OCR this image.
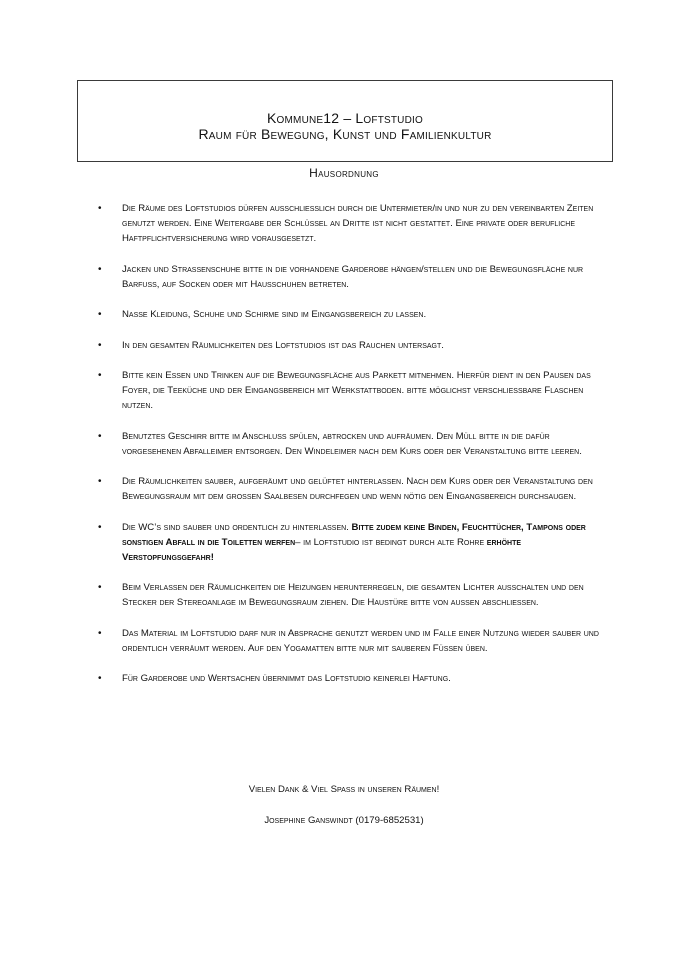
Kommune12 – Loftstudio
Raum für Bewegung, Kunst und Familienkultur
Hausordnung
• Die Räume des Loftstudios dürfen ausschliesslich durch die Untermieter/in und nur zu den vereinbarten Zeiten genutzt werden. Eine Weitergabe der Schlüssel an Dritte ist nicht gestattet. Eine private oder berufliche Haftpflichtversicherung wird vorausgesetzt.
• Jacken und Strassenschuhe bitte in die vorhandene Garderobe hängen/stellen und die Bewegungsfläche nur Barfuss, auf Socken oder mit Hausschuhen betreten.
• Nasse Kleidung, Schuhe und Schirme sind im Eingangsbereich zu lassen.
• In den gesamten Räumlichkeiten des Loftstudios ist das Rauchen untersagt.
• Bitte kein Essen und Trinken auf die Bewegungsfläche aus Parkett mitnehmen. Hierfür dient in den Pausen das Foyer, die Teeküche und der Eingangsbereich mit Werkstattboden. bitte möglichst verschliessbare Flaschen nutzen.
• Benutztes Geschirr bitte im Anschluss spülen, abtrocken und aufräumen. Den Müll bitte in die dafür vorgesehenen Abfalleimer entsorgen. Den Windeleimer nach dem Kurs oder der Veranstaltung bitte leeren.
• Die Räumlichkeiten sauber, aufgeräumt und gelüftet hinterlassen. Nach dem Kurs oder der Veranstaltung den Bewegungsraum mit dem grossen Saalbesen durchfegen und wenn nötig den Eingangsbereich durchsaugen.
• Die WC’s sind sauber und ordentlich zu hinterlassen. Bitte zudem keine Binden, Feuchttücher, Tampons oder sonstigen Abfall in die Toiletten werfen– im Loftstudio ist bedingt durch alte Rohre erhöhte Verstopfungsgefahr!
• Beim Verlassen der Räumlichkeiten die Heizungen herunterregeln, die gesamten Lichter ausschalten und den Stecker der Stereoanlage im Bewegungsraum ziehen. Die Haustüre bitte von aussen abschliessen.
• Das Material im Loftstudio darf nur in Absprache genutzt werden und im Falle einer Nutzung wieder sauber und ordentlich verräumt werden. Auf den Yogamatten bitte nur mit sauberen Füssen üben.
• Für Garderobe und Wertsachen übernimmt das Loftstudio keinerlei Haftung.
Vielen Dank & Viel Spass in unseren Räumen!
Josephine Ganswindt (0179-6852531)
